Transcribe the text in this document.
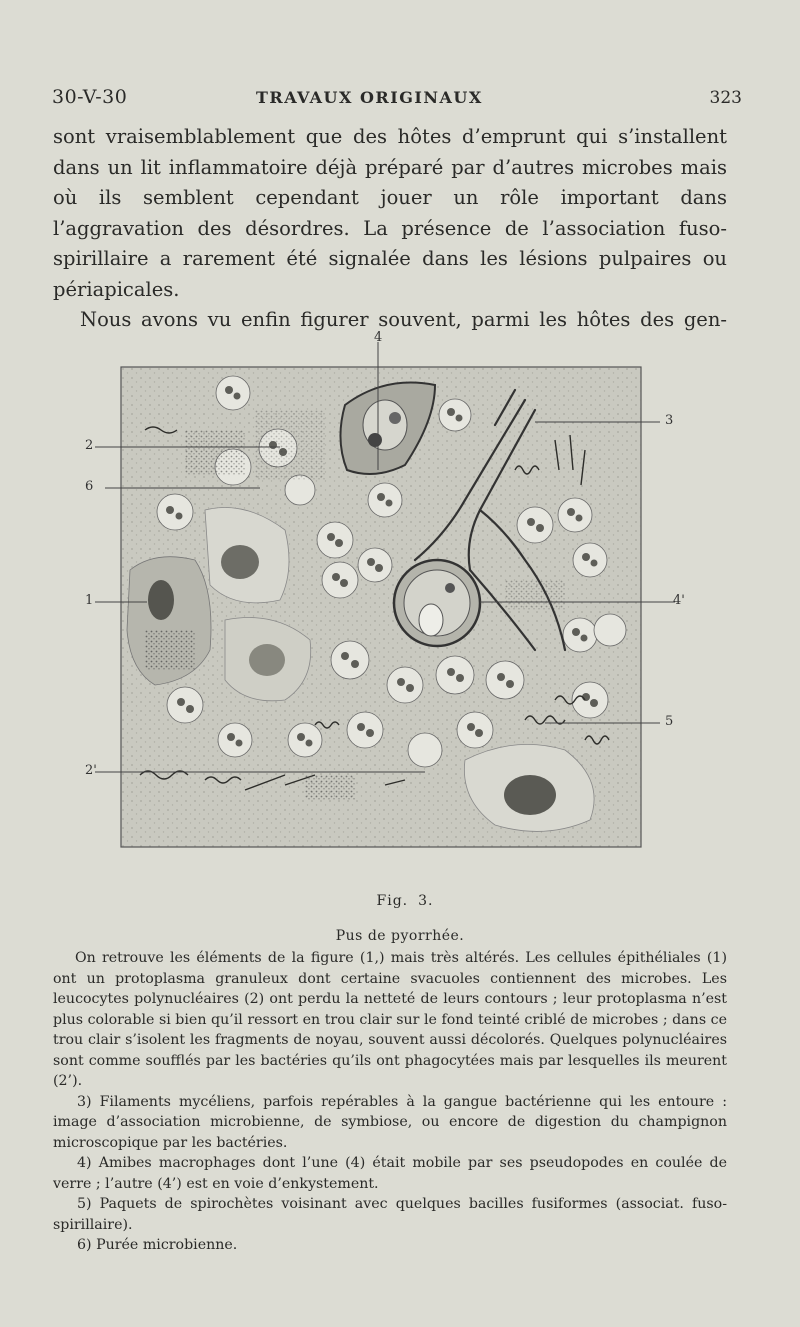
30-V-30	TRAVAUX ORIGINAUX	323
sont vraisemblablement que des hôtes d’emprunt qui s’installent dans un lit inflammatoire déjà préparé par d’autres microbes mais où ils semblent cependant jouer un rôle important dans l’aggravation des désordres. La présence de l’association fuso-spirillaire a rarement été signalée dans les lésions pulpaires ou périapicales.
Nous avons vu enfin figurer souvent, parmi les hôtes des gen-
2
6
1
2'
4
3
4'
5
Fig. 3.
Pus de pyorrhée.

On retrouve les éléments de la figure (1,) mais très altérés. Les cellules épithéliales (1) ont un protoplasma granuleux dont certaine svacuoles contiennent des microbes. Les leucocytes polynucléaires (2) ont perdu la netteté de leurs contours ; leur protoplasma n’est plus colorable si bien qu’il ressort en trou clair sur le fond teinté criblé de microbes ; dans ce trou clair s’isolent les fragments de noyau, souvent aussi décolorés. Quelques polynucléaires sont comme soufflés par les bactéries qu’ils ont phagocytées mais par lesquelles ils meurent (2’).

3) Filaments mycéliens, parfois repérables à la gangue bactérienne qui les entoure : image d’association microbienne, de symbiose, ou encore de digestion du champignon microscopique par les bactéries.

4) Amibes macrophages dont l’une (4) était mobile par ses pseudopodes en coulée de verre ; l’autre (4’) est en voie d’enkystement.

5) Paquets de spirochètes voisinant avec quelques bacilles fusiformes (associat. fuso-spirillaire).

6) Purée microbienne.
